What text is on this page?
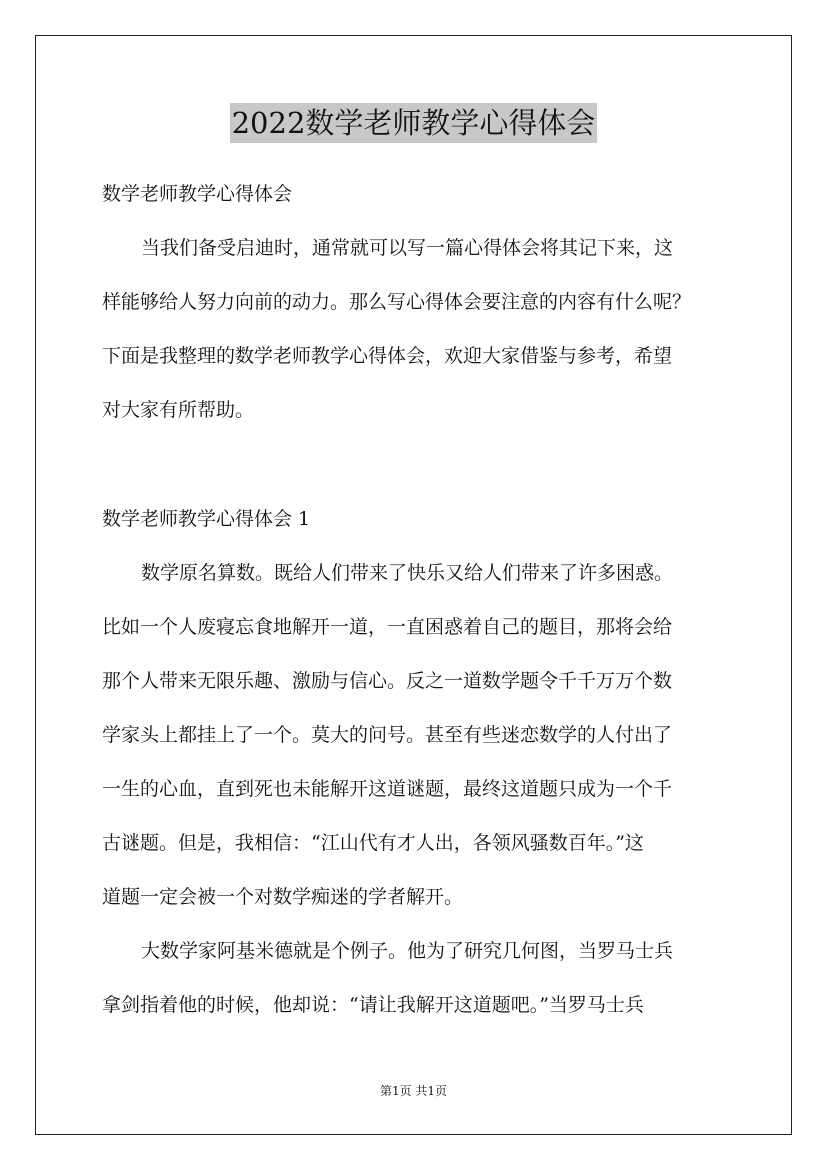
2022数学老师教学心得体会
数学老师教学心得体会
当我们备受启迪时，通常就可以写一篇心得体会将其记下来，这
样能够给人努力向前的动力。那么写心得体会要注意的内容有什么呢？
下面是我整理的数学老师教学心得体会，欢迎大家借鉴与参考，希望
对大家有所帮助。
数学老师教学心得体会 1
数学原名算数。既给人们带来了快乐又给人们带来了许多困惑。
比如一个人废寝忘食地解开一道，一直困惑着自己的题目，那将会给
那个人带来无限乐趣、激励与信心。反之一道数学题令千千万万个数
学家头上都挂上了一个。莫大的问号。甚至有些迷恋数学的人付出了
一生的心血，直到死也未能解开这道谜题，最终这道题只成为一个千
古谜题。但是，我相信：“江山代有才人出，各领风骚数百年。”这
道题一定会被一个对数学痴迷的学者解开。
大数学家阿基米德就是个例子。他为了研究几何图，当罗马士兵
拿剑指着他的时候，他却说：“请让我解开这道题吧。”当罗马士兵
第1页 共1页
